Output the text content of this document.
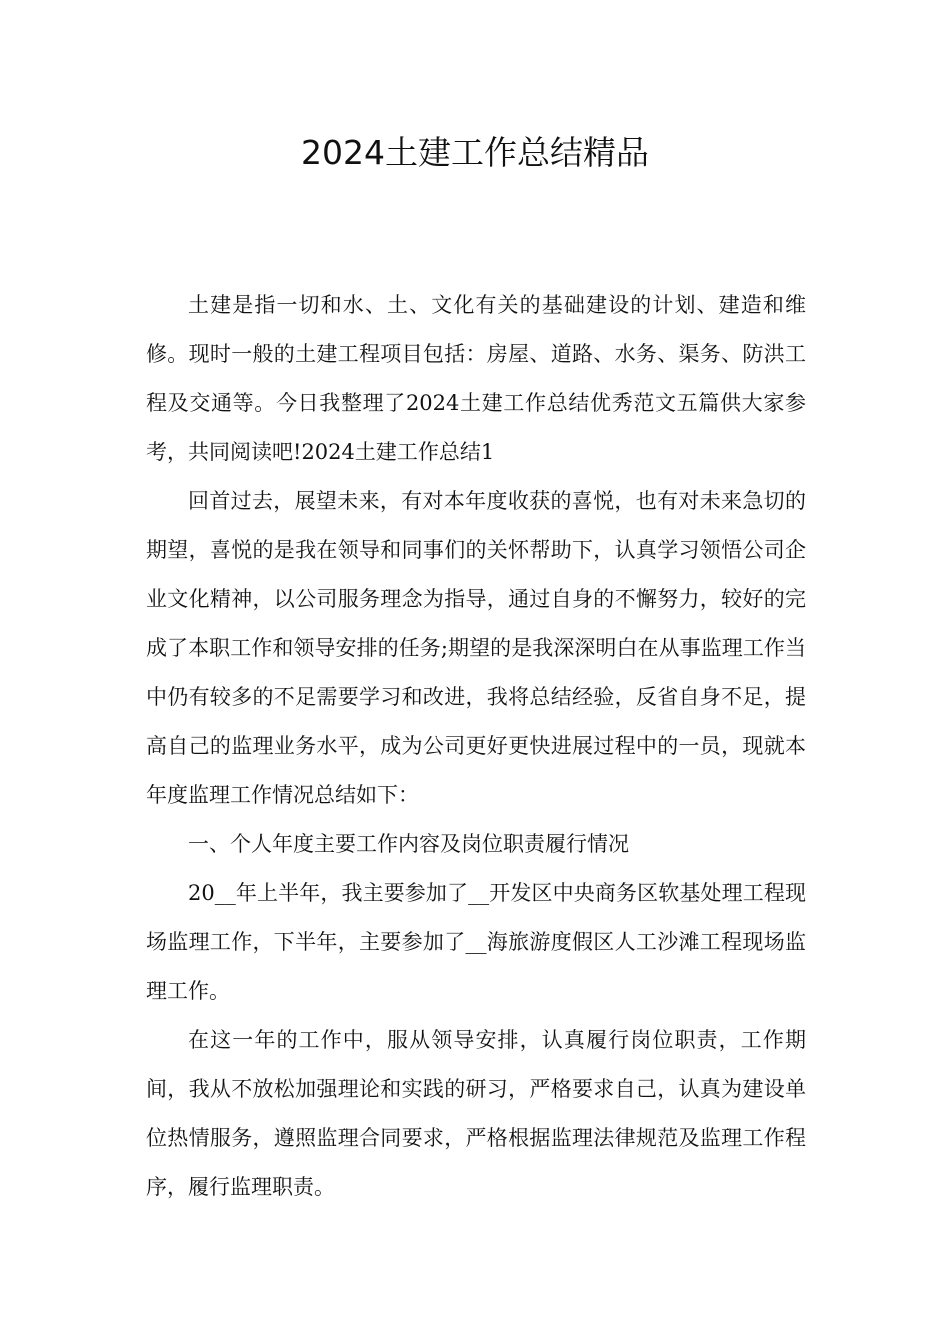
2024土建工作总结精品

土建是指一切和水、土、文化有关的基础建设的计划、建造和维修。现时一般的土建工程项目包括：房屋、道路、水务、渠务、防洪工程及交通等。今日我整理了2024土建工作总结优秀范文五篇供大家参考，共同阅读吧!2024土建工作总结1

回首过去，展望未来，有对本年度收获的喜悦，也有对未来急切的期望，喜悦的是我在领导和同事们的关怀帮助下，认真学习领悟公司企业文化精神，以公司服务理念为指导，通过自身的不懈努力，较好的完成了本职工作和领导安排的任务;期望的是我深深明白在从事监理工作当中仍有较多的不足需要学习和改进，我将总结经验，反省自身不足，提高自己的监理业务水平，成为公司更好更快进展过程中的一员，现就本年度监理工作情况总结如下：

一、个人年度主要工作内容及岗位职责履行情况

20__年上半年，我主要参加了__开发区中央商务区软基处理工程现场监理工作，下半年，主要参加了__海旅游度假区人工沙滩工程现场监理工作。

在这一年的工作中，服从领导安排，认真履行岗位职责，工作期间，我从不放松加强理论和实践的研习，严格要求自己，认真为建设单位热情服务，遵照监理合同要求，严格根据监理法律规范及监理工作程序，履行监理职责。
